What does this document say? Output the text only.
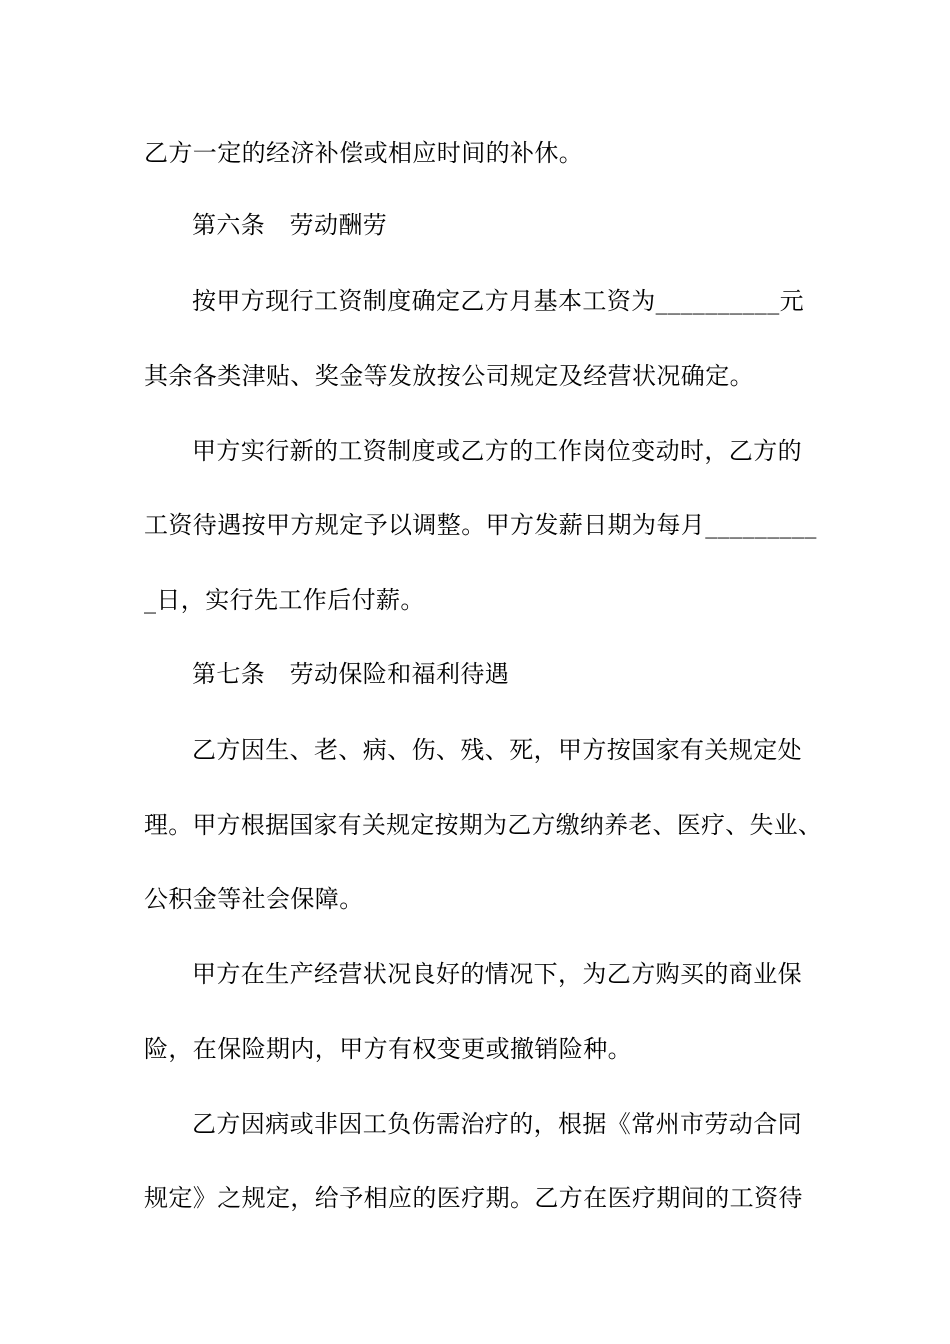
乙方一定的经济补偿或相应时间的补休。
第六条　劳动酬劳
按甲方现行工资制度确定乙方月基本工资为__________元
其余各类津贴、奖金等发放按公司规定及经营状况确定。
甲方实行新的工资制度或乙方的工作岗位变动时，乙方的
工资待遇按甲方规定予以调整。甲方发薪日期为每月_________
_日，实行先工作后付薪。
第七条　劳动保险和福利待遇
乙方因生、老、病、伤、残、死，甲方按国家有关规定处
理。甲方根据国家有关规定按期为乙方缴纳养老、医疗、失业、
公积金等社会保障。
甲方在生产经营状况良好的情况下，为乙方购买的商业保
险，在保险期内，甲方有权变更或撤销险种。
乙方因病或非因工负伤需治疗的，根据《常州市劳动合同
规定》之规定，给予相应的医疗期。乙方在医疗期间的工资待
